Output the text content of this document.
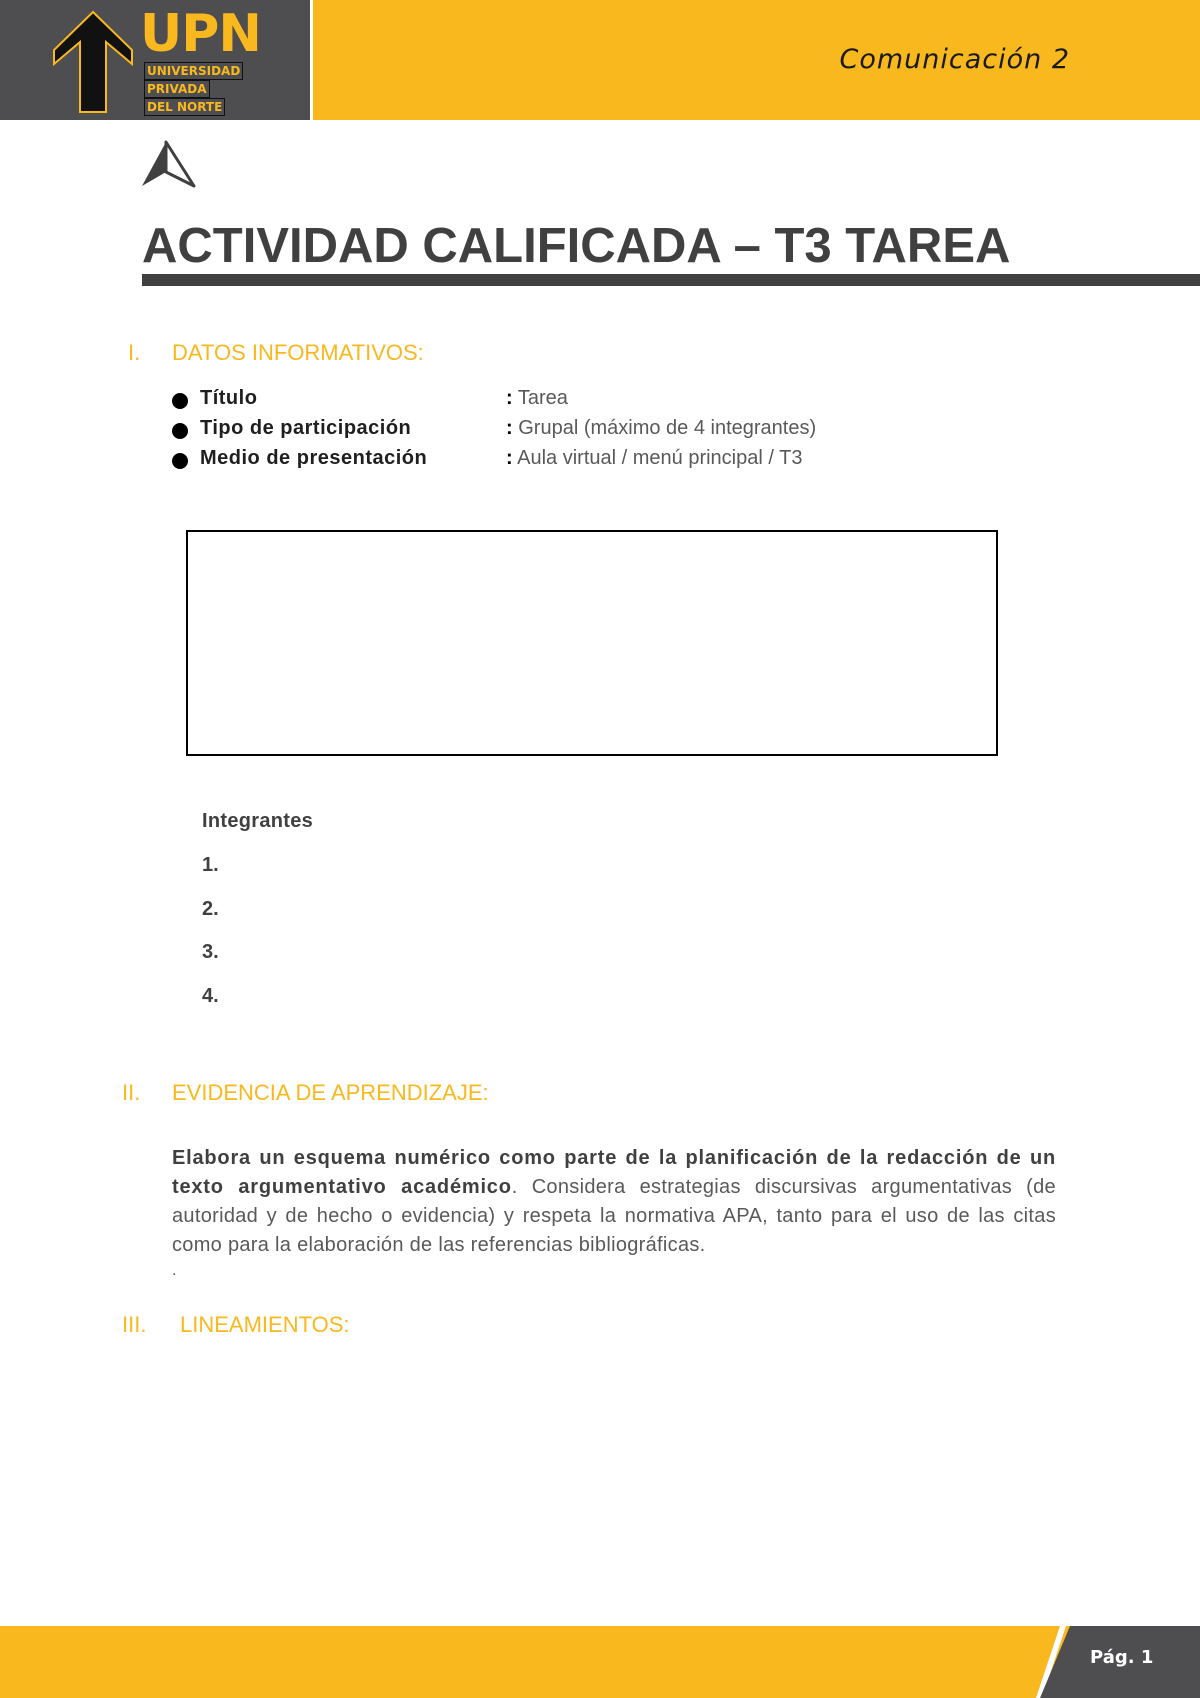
UPN
UNIVERSIDAD
PRIVADA
DEL NORTE
Comunicación 2
ACTIVIDAD CALIFICADA – T3 TAREA
I. DATOS INFORMATIVOS:
Título	: Tarea
Tipo de participación	: Grupal (máximo de 4 integrantes)
Medio de presentación	: Aula virtual / menú principal / T3
Integrantes
1.
2.
3.
4.
II. EVIDENCIA DE APRENDIZAJE:
Elabora un esquema numérico como parte de la planificación de la redacción de un texto argumentativo académico. Considera estrategias discursivas argumentativas (de autoridad y de hecho o evidencia) y respeta la normativa APA, tanto para el uso de las citas como para la elaboración de las referencias bibliográficas.
.
III. LINEAMIENTOS:
Pág. 1
